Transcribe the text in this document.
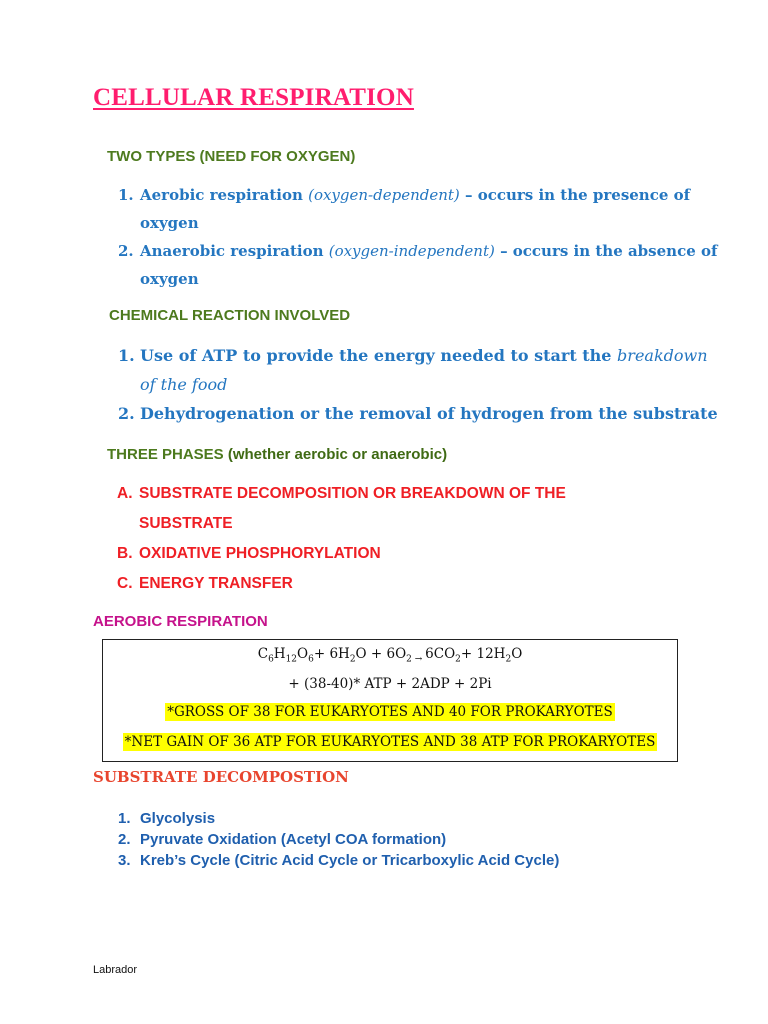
CELLULAR RESPIRATION
TWO TYPES (NEED FOR OXYGEN)
1. Aerobic respiration (oxygen-dependent) – occurs in the presence of
oxygen
2. Anaerobic respiration (oxygen-independent) – occurs in the absence of
oxygen
CHEMICAL REACTION INVOLVED
1. Use of ATP to provide the energy needed to start the breakdown
of the food
2. Dehydrogenation or the removal of hydrogen from the substrate
THREE PHASES (whether aerobic or anaerobic)
A. SUBSTRATE DECOMPOSITION OR BREAKDOWN OF THE
SUBSTRATE
B. OXIDATIVE PHOSPHORYLATION
C. ENERGY TRANSFER
AEROBIC RESPIRATION
$C_6H_{12}O_6+ 6H_2O + 6O_2$ $_\to$ $6CO_2+ 12H_2O$
+ (38-40)* ATP + 2ADP + 2Pi
*GROSS OF 38 FOR EUKARYOTES AND 40 FOR PROKARYOTES
*NET GAIN OF 36 ATP FOR EUKARYOTES AND 38 ATP FOR PROKARYOTES
SUBSTRATE DECOMPOSTION
1. Glycolysis
2. Pyruvate Oxidation (Acetyl COA formation)
3. Kreb’s Cycle (Citric Acid Cycle or Tricarboxylic Acid Cycle)
Labrador
